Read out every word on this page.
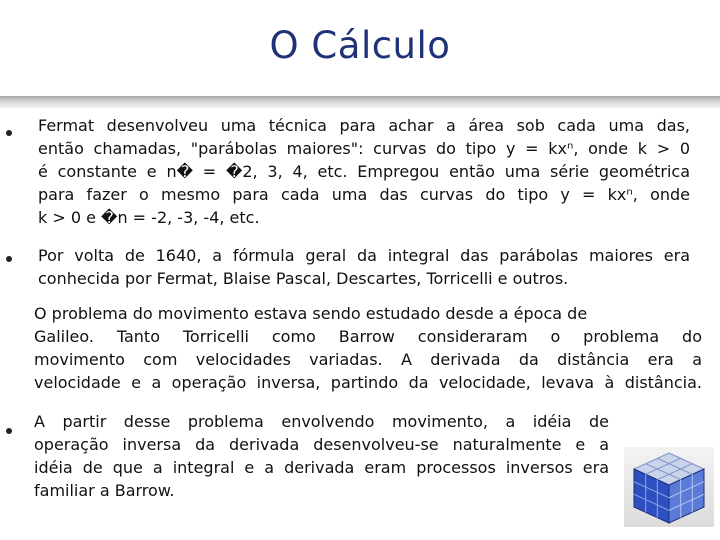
O Cálculo
Fermat desenvolveu uma técnica para achar a área sob cada uma das,
então chamadas, "parábolas maiores": curvas do tipo y = kxⁿ, onde k > 0
é constante e n� = �2, 3, 4, etc. Empregou então uma série geométrica
para fazer o mesmo para cada uma das curvas do tipo y = kxⁿ, onde
k > 0 e �n = -2, -3, -4, etc.
Por volta de 1640, a fórmula geral da integral das parábolas maiores era
conhecida por Fermat, Blaise Pascal, Descartes, Torricelli e outros.
O problema do movimento estava sendo estudado desde a época de
Galileo. Tanto Torricelli como Barrow consideraram o problema do
movimento com velocidades variadas. A derivada da distância era a
velocidade e a operação inversa, partindo da velocidade, levava à distância.
A partir desse problema envolvendo movimento, a idéia de
operação inversa da derivada desenvolveu-se naturalmente e a
idéia de que a integral e a derivada eram processos inversos era
familiar a Barrow.
